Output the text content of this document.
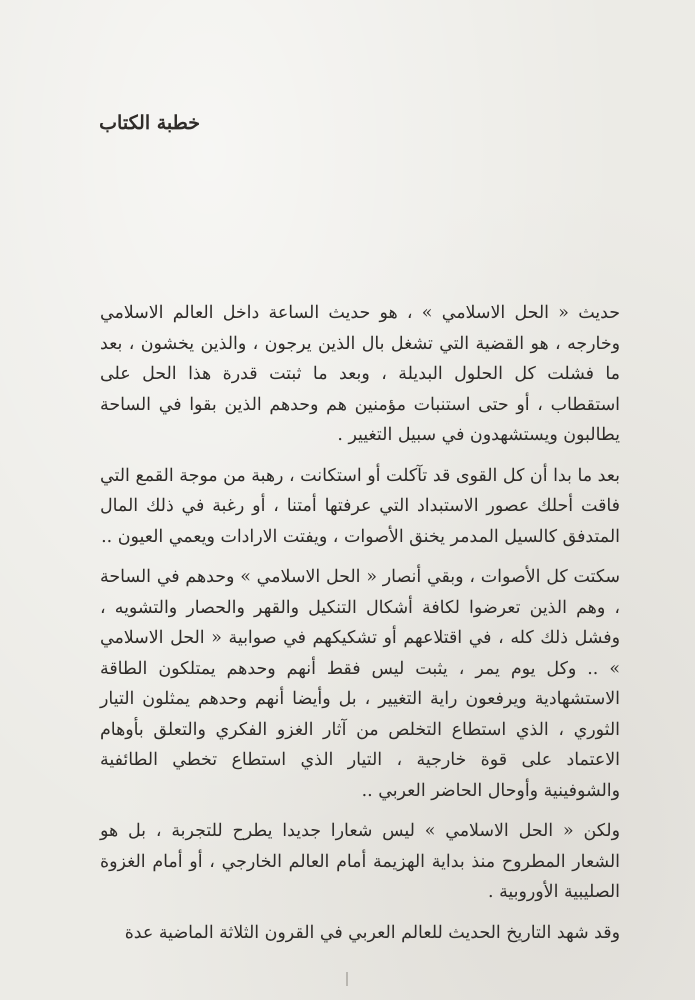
خطبة الكتاب

حديث « الحل الاسلامي » ، هو حديث الساعة داخل العالم الاسلامي وخارجه ، هو القضية التي تشغل بال الذين يرجون ، والذين يخشون ، بعد ما فشلت كل الحلول البديلة ، وبعد ما ثبتت قدرة هذا الحل على استقطاب ، أو حتى استنبات مؤمنين هم وحدهم الذين بقوا في الساحة يطالبون ويستشهدون في سبيل التغيير .

بعد ما بدا أن كل القوى قد تآكلت أو استكانت ، رهبة من موجة القمع التي فاقت أحلك عصور الاستبداد التي عرفتها أمتنا ، أو رغبة في ذلك المال المتدفق كالسيل المدمر يخنق الأصوات ، ويفتت الارادات ويعمي العيون ..

سكتت كل الأصوات ، وبقي أنصار « الحل الاسلامي » وحدهم في الساحة ، وهم الذين تعرضوا لكافة أشكال التنكيل والقهر والحصار والتشويه ، وفشل ذلك كله ، في اقتلاعهم أو تشكيكهم في صوابية « الحل الاسلامي » .. وكل يوم يمر ، يثبت ليس فقط أنهم وحدهم يمتلكون الطاقة الاستشهادية ويرفعون راية التغيير ، بل وأيضا أنهم وحدهم يمثلون التيار الثوري ، الذي استطاع التخلص من آثار الغزو الفكري والتعلق بأوهام الاعتماد على قوة خارجية ، التيار الذي استطاع تخطي الطائفية والشوفينية وأوحال الحاضر العربي ..

ولكن « الحل الاسلامي » ليس شعارا جديدا يطرح للتجربة ، بل هو الشعار المطروح منذ بداية الهزيمة أمام العالم الخارجي ، أو أمام الغزوة الصليبية الأوروبية .

وقد شهد التاريخ الحديث للعالم العربي في القرون الثلاثة الماضية عدة
